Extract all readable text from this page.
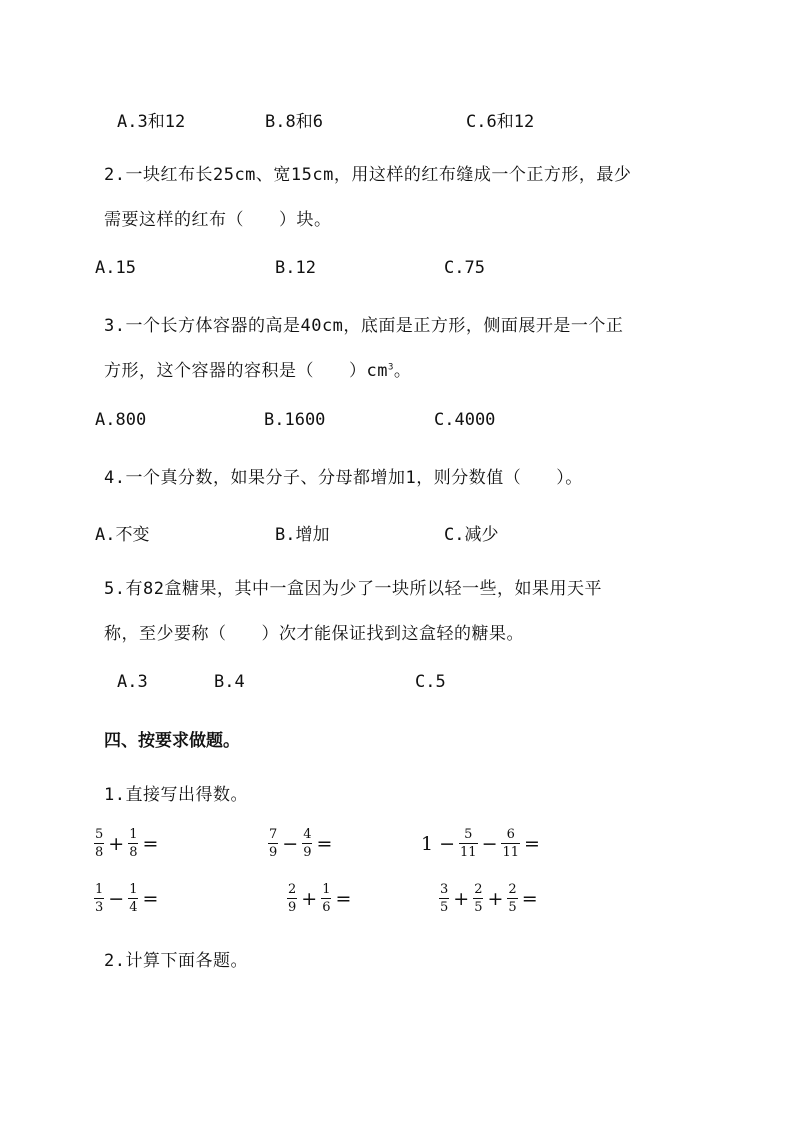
A.3和12	B.8和6	C.6和12
2.一块红布长25cm、宽15cm，用这样的红布缝成一个正方形，最少
需要这样的红布（　　）块。
A.15	B.12	C.75
3.一个长方体容器的高是40cm，底面是正方形，侧面展开是一个正
方形，这个容器的容积是（　　）$cm^3$。
A.800	B.1600	C.4000
4.一个真分数，如果分子、分母都增加1，则分数值（　　）。
A.不变	B.增加	C.减少
5.有82盒糖果，其中一盒因为少了一块所以轻一些，如果用天平
称，至少要称（　　）次才能保证找到这盒轻的糖果。
A.3	B.4	C.5
四、按要求做题。
1.直接写出得数。
$\frac{5}{8} + \frac{1}{8}$ =	$\frac{7}{9} - \frac{4}{9}$ =	$1 - \frac{5}{11} - \frac{6}{11}$ =
$\frac{1}{3} - \frac{1}{4}$ =	$\frac{2}{9} + \frac{1}{6}$ =	$\frac{3}{5} + \frac{2}{5} + \frac{2}{5}$ =
2.计算下面各题。
